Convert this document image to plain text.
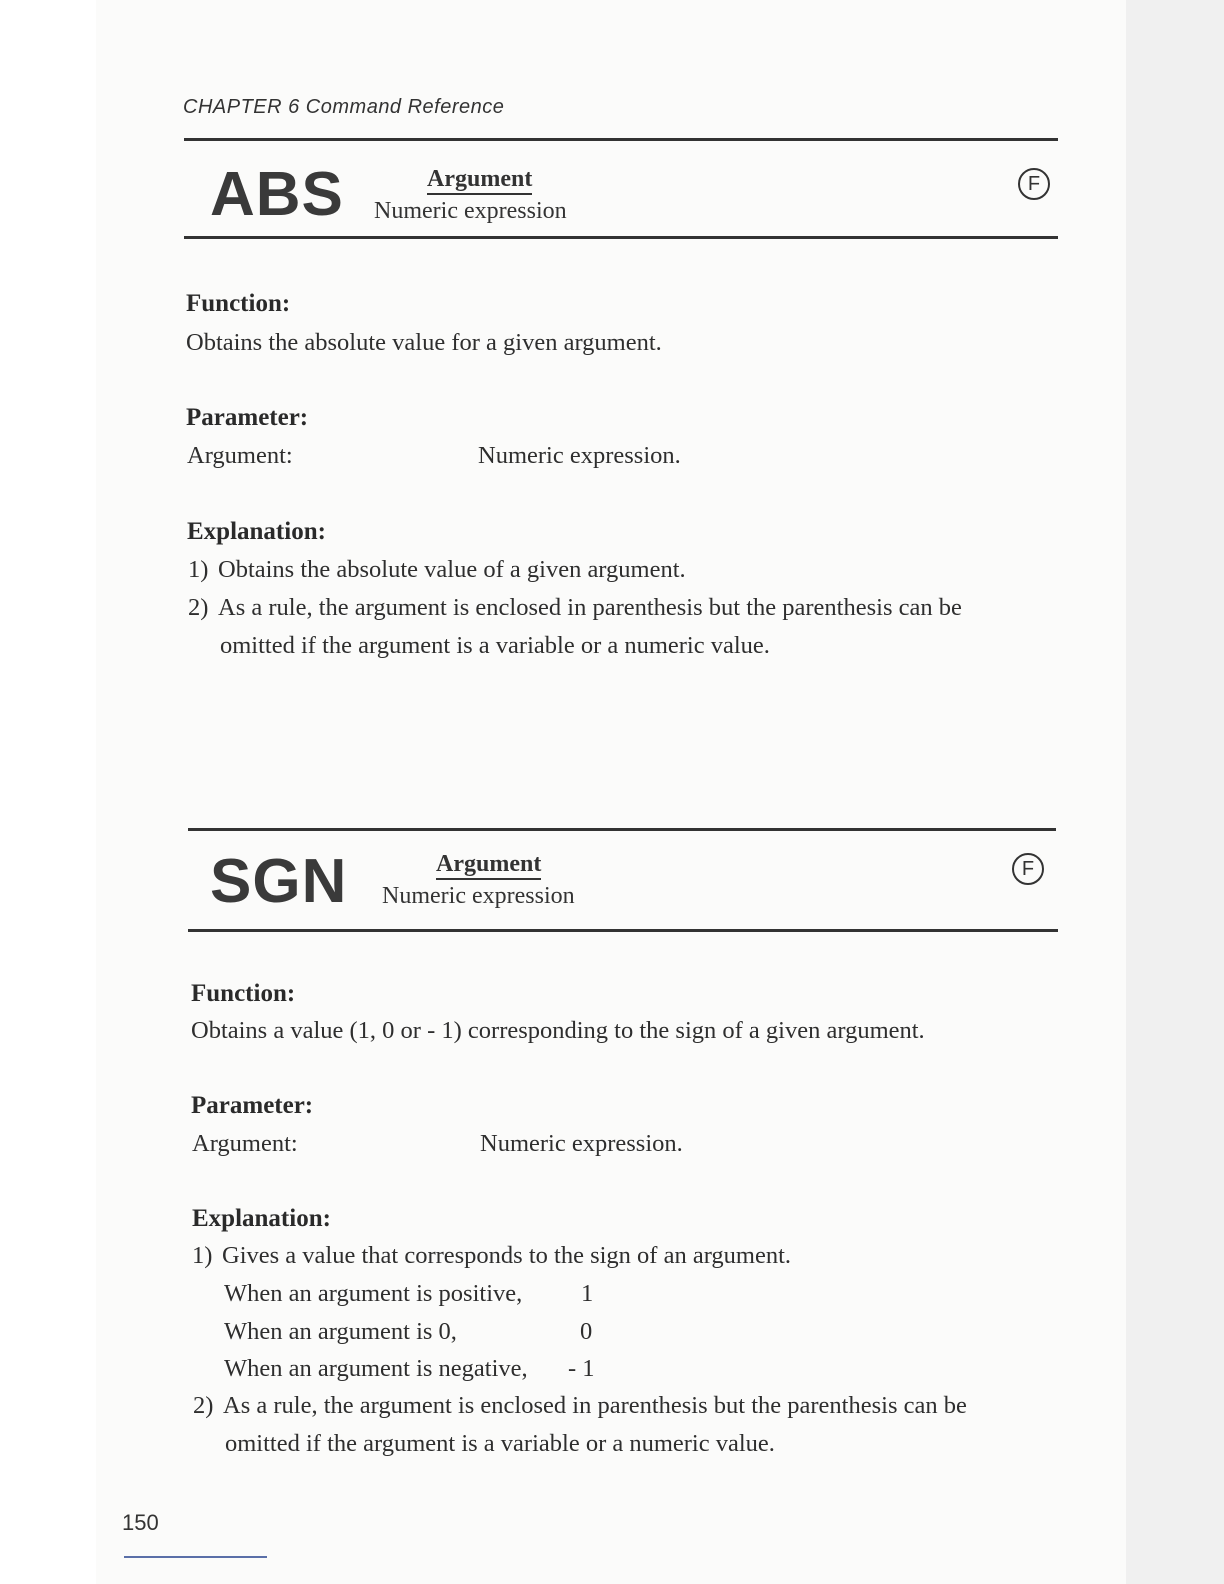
CHAPTER 6 Command Reference
ABS	Argument
Numeric expression
F
Function:
Obtains the absolute value for a given argument.
Parameter:
Argument:	Numeric expression.
Explanation:
1) Obtains the absolute value of a given argument.
2) As a rule, the argument is enclosed in parenthesis but the parenthesis can be
omitted if the argument is a variable or a numeric value.
SGN	Argument
Numeric expression
F
Function:
Obtains a value (1, 0 or - 1) corresponding to the sign of a given argument.
Parameter:
Argument:	Numeric expression.
Explanation:
1) Gives a value that corresponds to the sign of an argument.
When an argument is positive, 1
When an argument is 0,	0
When an argument is negative, - 1
2) As a rule, the argument is enclosed in parenthesis but the parenthesis can be
omitted if the argument is a variable or a numeric value.
150
